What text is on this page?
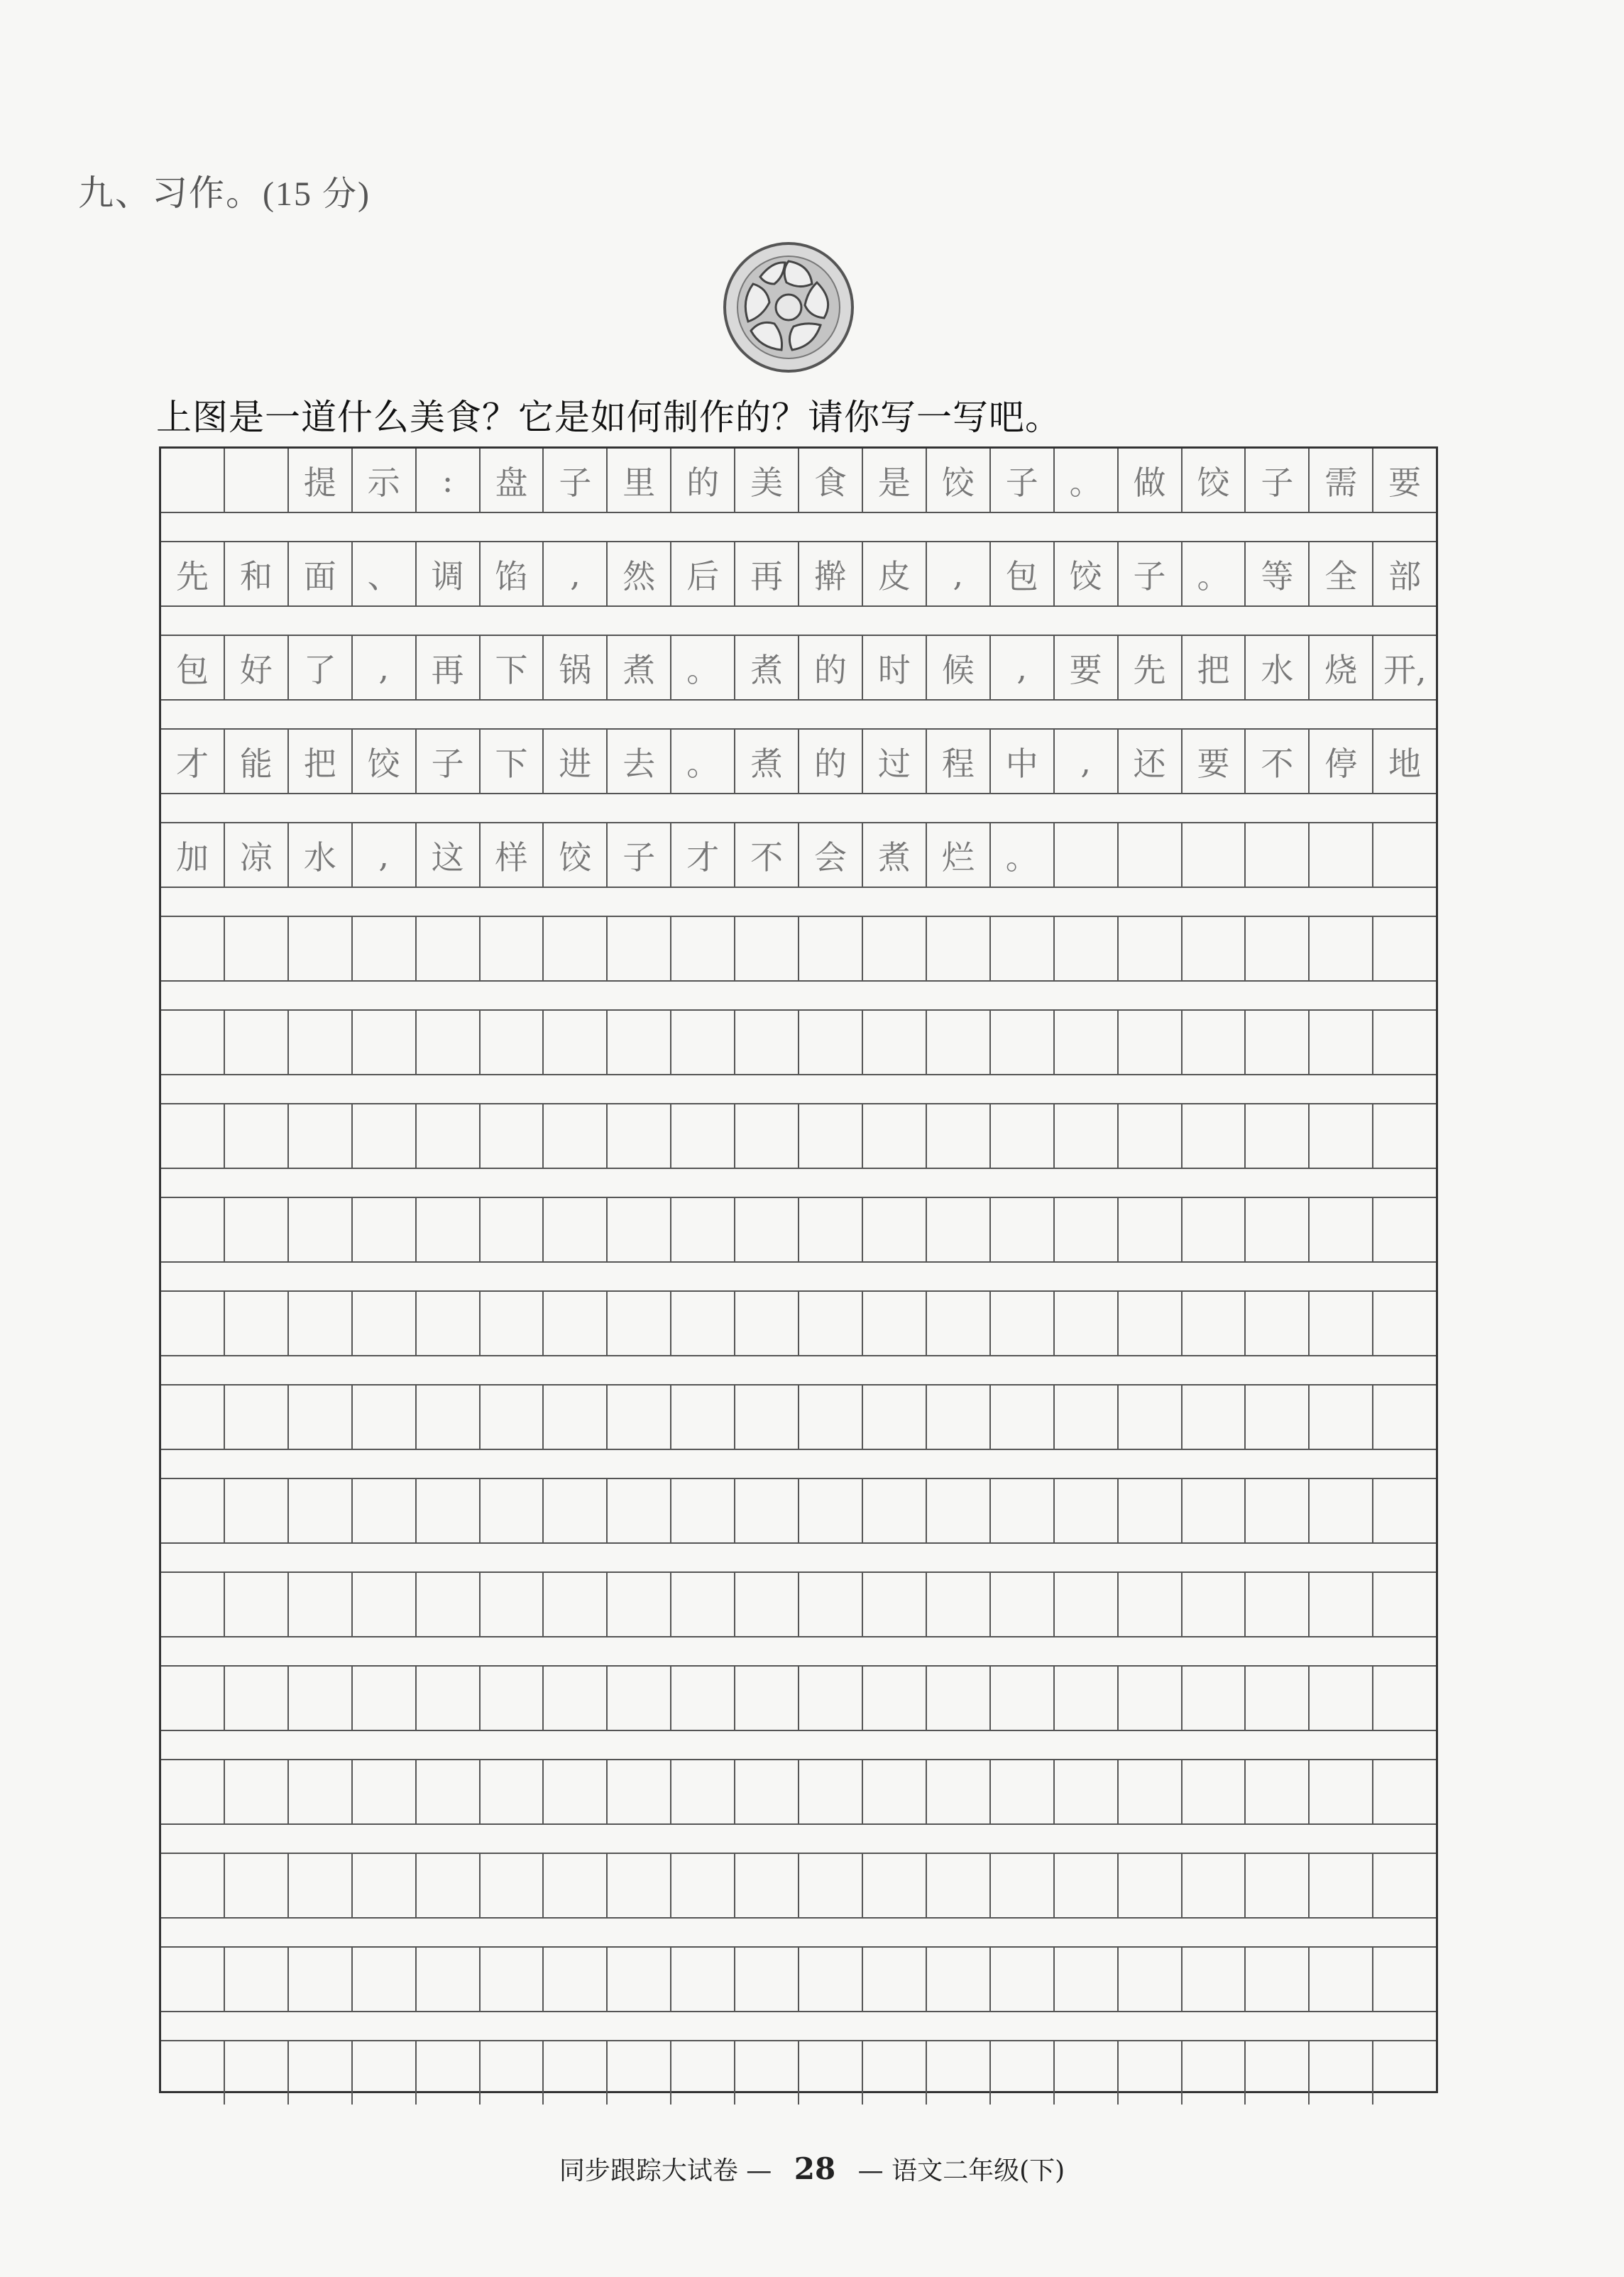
九、习作。(15 分)
上图是一道什么美食？它是如何制作的？请你写一写吧。
提 示	:	盘 子 里 的 美 食 是 饺 子 。 做 饺 子 需 要
先 和 面 、 调 馅	,	然 后 再 擀 皮	,	包 饺 子 。 等 全 部
包 好 了	,	再 下 锅 煮 。 煮 的 时 候	,	要 先 把 水 烧 开,
才 能 把 饺 子 下 进 去 。 煮 的 过 程 中	,	还 要 不 停 地
加 凉 水	,	这 样 饺 子 才 不 会 煮 烂 。
同步跟踪大试卷 — 28 — 语文二年级(下)
